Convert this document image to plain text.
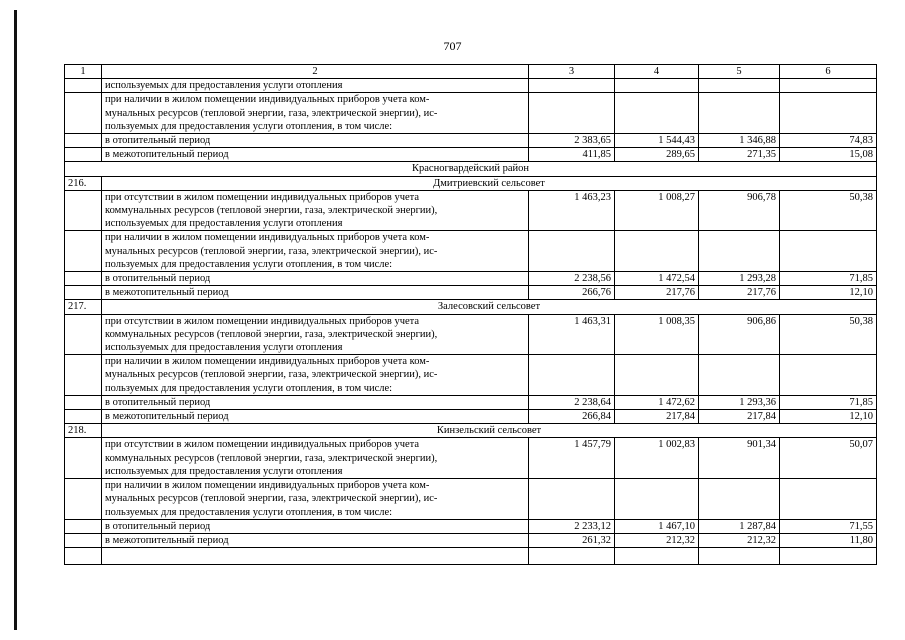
707
1	2	3	4	5	6
	используемых для предоставления услуги отопления				
	при наличии в жилом помещении индивидуальных приборов учета ком-
мунальных ресурсов (тепловой энергии, газа, электрической энергии), ис-
пользуемых для предоставления услуги отопления, в том числе:				
	в отопительный период	2 383,65	1 544,43	1 346,88	74,83
	в межотопительный период	411,85	289,65	271,35	15,08
Красногвардейский район					
216.	Дмитриевский сельсовет				
	при отсутствии в жилом помещении индивидуальных приборов учета
коммунальных ресурсов (тепловой энергии, газа, электрической энергии),
используемых для предоставления услуги отопления	1 463,23	1 008,27	906,78	50,38
	при наличии в жилом помещении индивидуальных приборов учета ком-
мунальных ресурсов (тепловой энергии, газа, электрической энергии), ис-
пользуемых для предоставления услуги отопления, в том числе:				
	в отопительный период	2 238,56	1 472,54	1 293,28	71,85
	в межотопительный период	266,76	217,76	217,76	12,10
217.	Залесовский сельсовет				
	при отсутствии в жилом помещении индивидуальных приборов учета
коммунальных ресурсов (тепловой энергии, газа, электрической энергии),
используемых для предоставления услуги отопления	1 463,31	1 008,35	906,86	50,38
	при наличии в жилом помещении индивидуальных приборов учета ком-
мунальных ресурсов (тепловой энергии, газа, электрической энергии), ис-
пользуемых для предоставления услуги отопления, в том числе:				
	в отопительный период	2 238,64	1 472,62	1 293,36	71,85
	в межотопительный период	266,84	217,84	217,84	12,10
218.	Кинзельский сельсовет				
	при отсутствии в жилом помещении индивидуальных приборов учета
коммунальных ресурсов (тепловой энергии, газа, электрической энергии),
используемых для предоставления услуги отопления	1 457,79	1 002,83	901,34	50,07
	при наличии в жилом помещении индивидуальных приборов учета ком-
мунальных ресурсов (тепловой энергии, газа, электрической энергии), ис-
пользуемых для предоставления услуги отопления, в том числе:				
	в отопительный период	2 233,12	1 467,10	1 287,84	71,55
	в межотопительный период	261,32	212,32	212,32	11,80
